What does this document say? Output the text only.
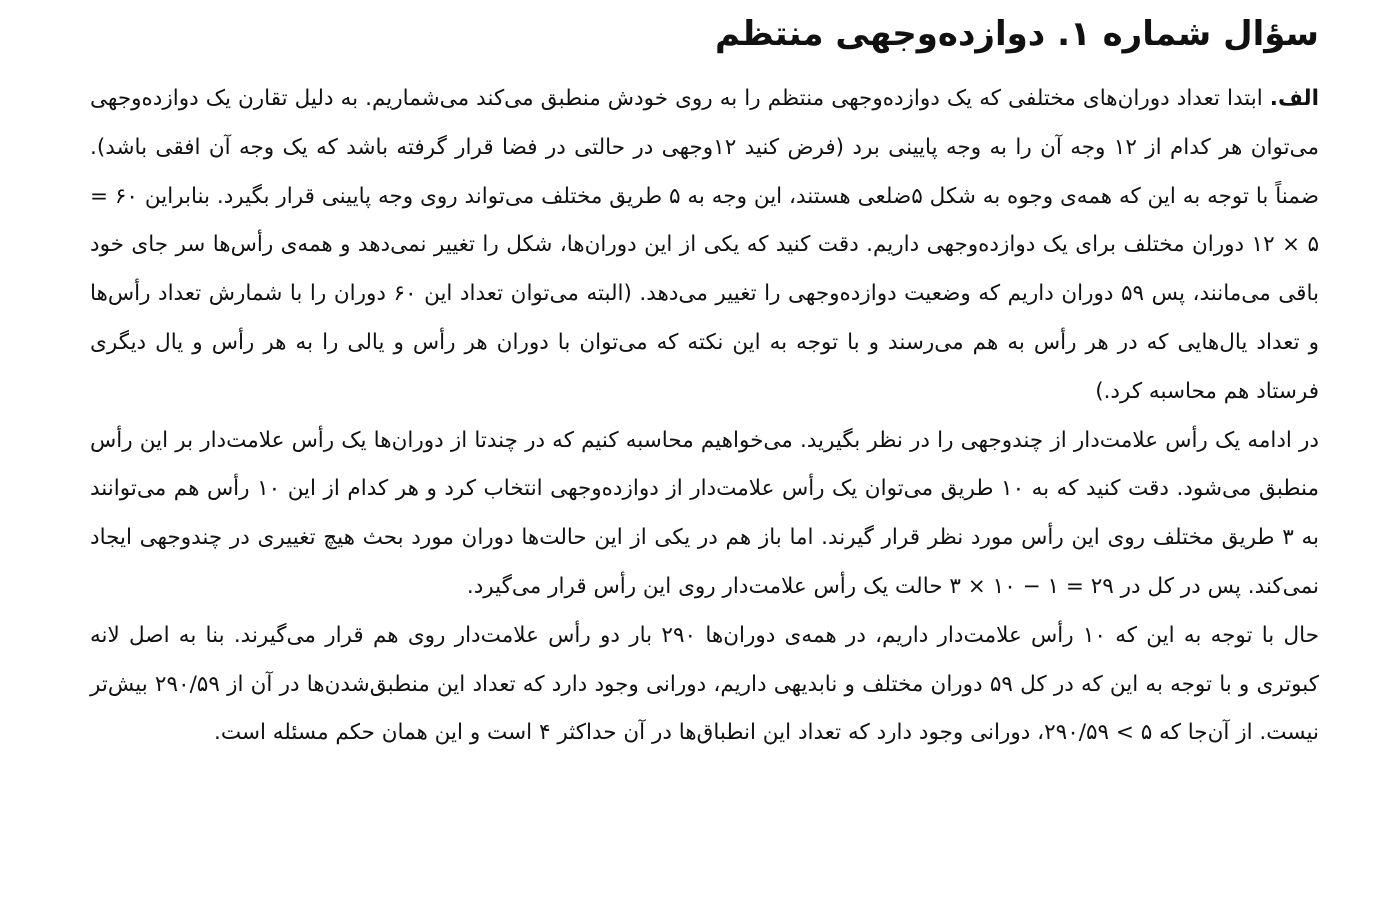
سؤال شماره ۱. دوازده‌وجهی منتظم

الف. ابتدا تعداد دوران‌های مختلفی که یک دوازده‌وجهی منتظم را به روی خودش منطبق می‌کند می‌شماریم. به دلیل تقارن یک دوازده‌وجهی می‌توان هر کدام از ۱۲ وجه آن را به وجه پایینی برد (فرض کنید ۱۲وجهی در حالتی در فضا قرار گرفته باشد که یک وجه آن افقی باشد). ضمناً با توجه به این که همه‌ی وجوه به شکل ۵ضلعی هستند، این وجه به ۵ طریق مختلف می‌تواند روی وجه پایینی قرار بگیرد. بنابراین ۶۰ = ۵ × ۱۲ دوران مختلف برای یک دوازده‌وجهی داریم. دقت کنید که یکی از این دوران‌ها، شکل را تغییر نمی‌دهد و همه‌ی رأس‌ها سر جای خود باقی می‌مانند، پس ۵۹ دوران داریم که وضعیت دوازده‌وجهی را تغییر می‌دهد. (البته می‌توان تعداد این ۶۰ دوران را با شمارش تعداد رأس‌ها و تعداد یال‌هایی که در هر رأس به هم می‌رسند و با توجه به این نکته که می‌توان با دوران هر رأس و یالی را به هر رأس و یال دیگری فرستاد هم محاسبه کرد.)

در ادامه یک رأس علامت‌دار از چندوجهی را در نظر بگیرید. می‌خواهیم محاسبه کنیم که در چندتا از دوران‌ها یک رأس علامت‌دار بر این رأس منطبق می‌شود. دقت کنید که به ۱۰ طریق می‌توان یک رأس علامت‌دار از دوازده‌وجهی انتخاب کرد و هر کدام از این ۱۰ رأس هم می‌توانند به ۳ طریق مختلف روی این رأس مورد نظر قرار گیرند. اما باز هم در یکی از این حالت‌ها دوران مورد بحث هیچ تغییری در چندوجهی ایجاد نمی‌کند. پس در کل در ۲۹ = ۱ − ۱۰ × ۳ حالت یک رأس علامت‌دار روی این رأس قرار می‌گیرد.

حال با توجه به این که ۱۰ رأس علامت‌دار داریم، در همه‌ی دوران‌ها ۲۹۰ بار دو رأس علامت‌دار روی هم قرار می‌گیرند. بنا به اصل لانه کبوتری و با توجه به این که در کل ۵۹ دوران مختلف و نابدیهی داریم، دورانی وجود دارد که تعداد این منطبق‌شدن‌ها در آن از ۲۹۰/۵۹ بیش‌تر نیست. از آن‌جا که ۵ > ۲۹۰/۵۹، دورانی وجود دارد که تعداد این انطباق‌ها در آن حداکثر ۴ است و این همان حکم مسئله است.
